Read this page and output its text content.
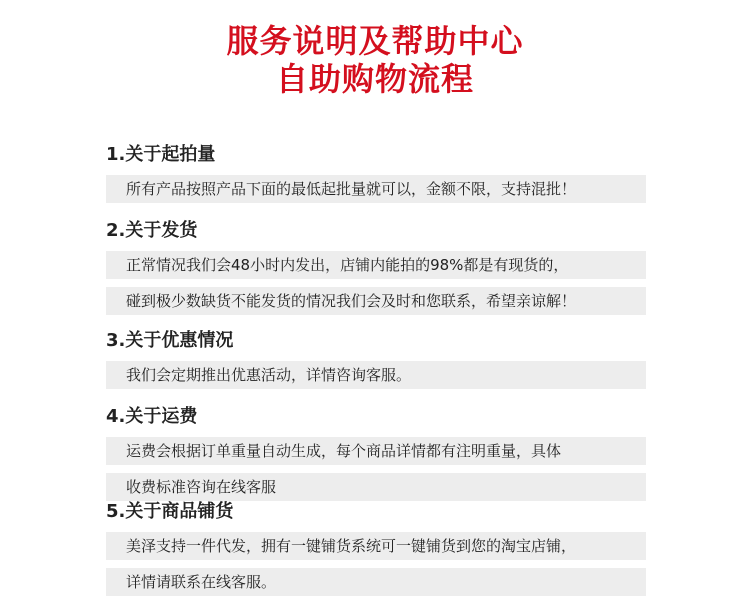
服务说明及帮助中心
自助购物流程
1.关于起拍量
所有产品按照产品下面的最低起批量就可以，金额不限，支持混批！
2.关于发货
正常情况我们会48小时内发出，店铺内能拍的98%都是有现货的，
碰到极少数缺货不能发货的情况我们会及时和您联系，希望亲谅解！
3.关于优惠情况
我们会定期推出优惠活动，详情咨询客服。
4.关于运费
运费会根据订单重量自动生成，每个商品详情都有注明重量，具体
收费标准咨询在线客服
5.关于商品铺货
美泽支持一件代发，拥有一键铺货系统可一键铺货到您的淘宝店铺，
详情请联系在线客服。
